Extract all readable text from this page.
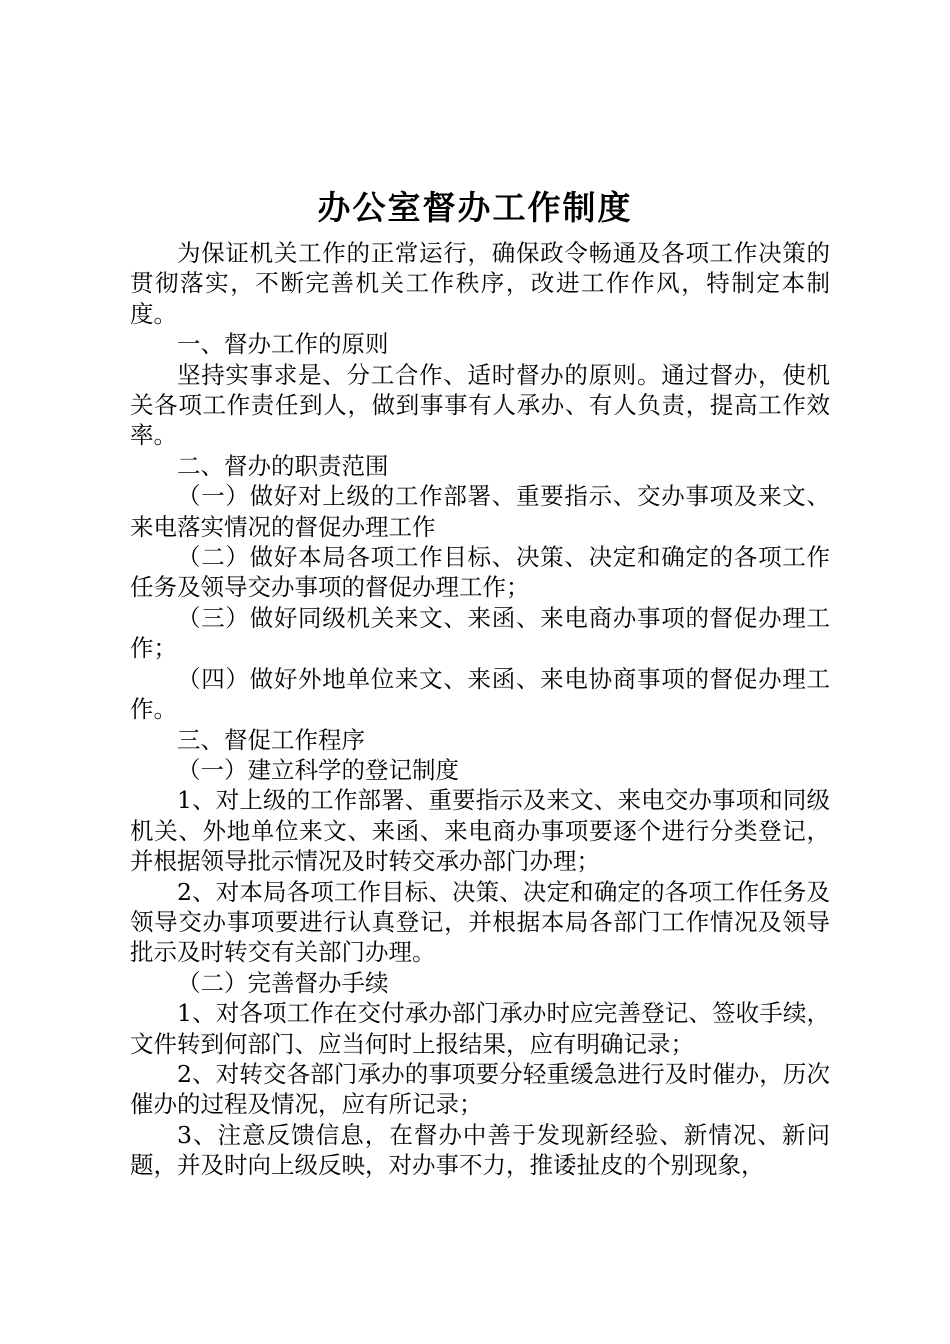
办公室督办工作制度

为保证机关工作的正常运行，确保政令畅通及各项工作决策的贯彻落实，不断完善机关工作秩序，改进工作作风，特制定本制度。

一、督办工作的原则

坚持实事求是、分工合作、适时督办的原则。通过督办，使机关各项工作责任到人，做到事事有人承办、有人负责，提高工作效率。

二、督办的职责范围

（一）做好对上级的工作部署、重要指示、交办事项及来文、来电落实情况的督促办理工作

（二）做好本局各项工作目标、决策、决定和确定的各项工作任务及领导交办事项的督促办理工作；

（三）做好同级机关来文、来函、来电商办事项的督促办理工作；

（四）做好外地单位来文、来函、来电协商事项的督促办理工作。

三、督促工作程序

（一）建立科学的登记制度

1、对上级的工作部署、重要指示及来文、来电交办事项和同级机关、外地单位来文、来函、来电商办事项要逐个进行分类登记，并根据领导批示情况及时转交承办部门办理；

2、对本局各项工作目标、决策、决定和确定的各项工作任务及领导交办事项要进行认真登记，并根据本局各部门工作情况及领导批示及时转交有关部门办理。

（二）完善督办手续

1、对各项工作在交付承办部门承办时应完善登记、签收手续，文件转到何部门、应当何时上报结果，应有明确记录；

2、对转交各部门承办的事项要分轻重缓急进行及时催办，历次催办的过程及情况，应有所记录；

3、注意反馈信息，在督办中善于发现新经验、新情况、新问题，并及时向上级反映，对办事不力，推诿扯皮的个别现象，
